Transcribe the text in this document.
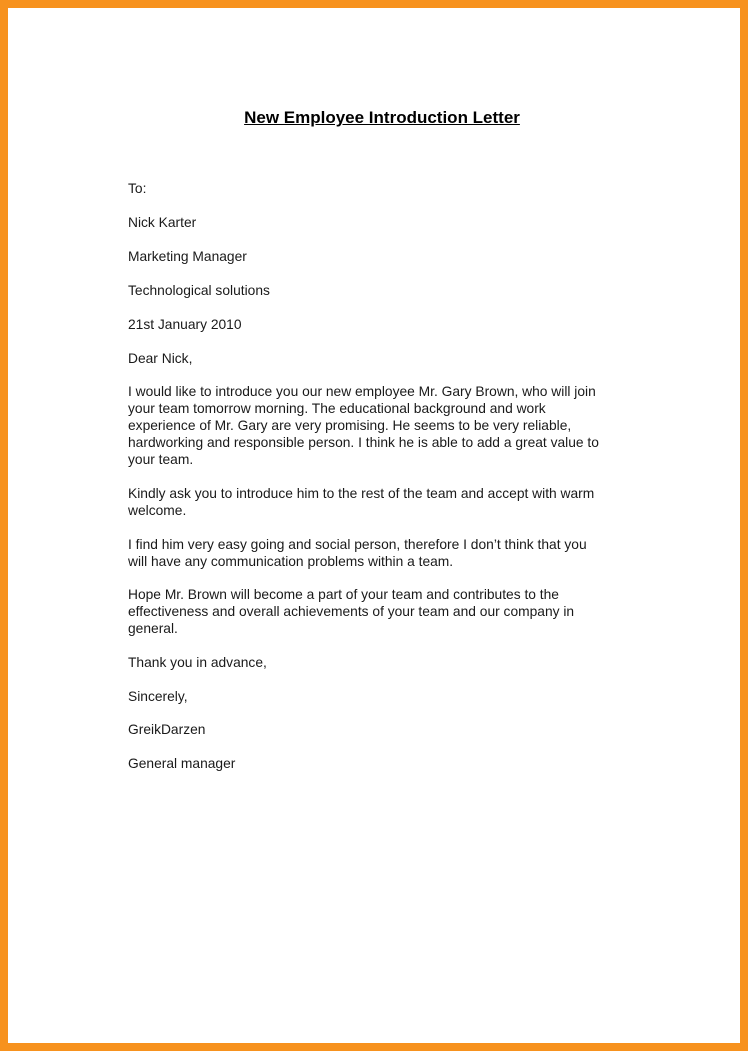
New Employee Introduction Letter

To:

Nick Karter

Marketing Manager

Technological solutions

21st January 2010

Dear Nick,

I would like to introduce you our new employee Mr. Gary Brown, who will join
your team tomorrow morning. The educational background and work
experience of Mr. Gary are very promising. He seems to be very reliable,
hardworking and responsible person. I think he is able to add a great value to
your team.
Kindly ask you to introduce him to the rest of the team and accept with warm
welcome.
I find him very easy going and social person, therefore I don’t think that you
will have any communication problems within a team.
Hope Mr. Brown will become a part of your team and contributes to the
effectiveness and overall achievements of your team and our company in
general.

Thank you in advance,

Sincerely,

GreikDarzen

General manager
